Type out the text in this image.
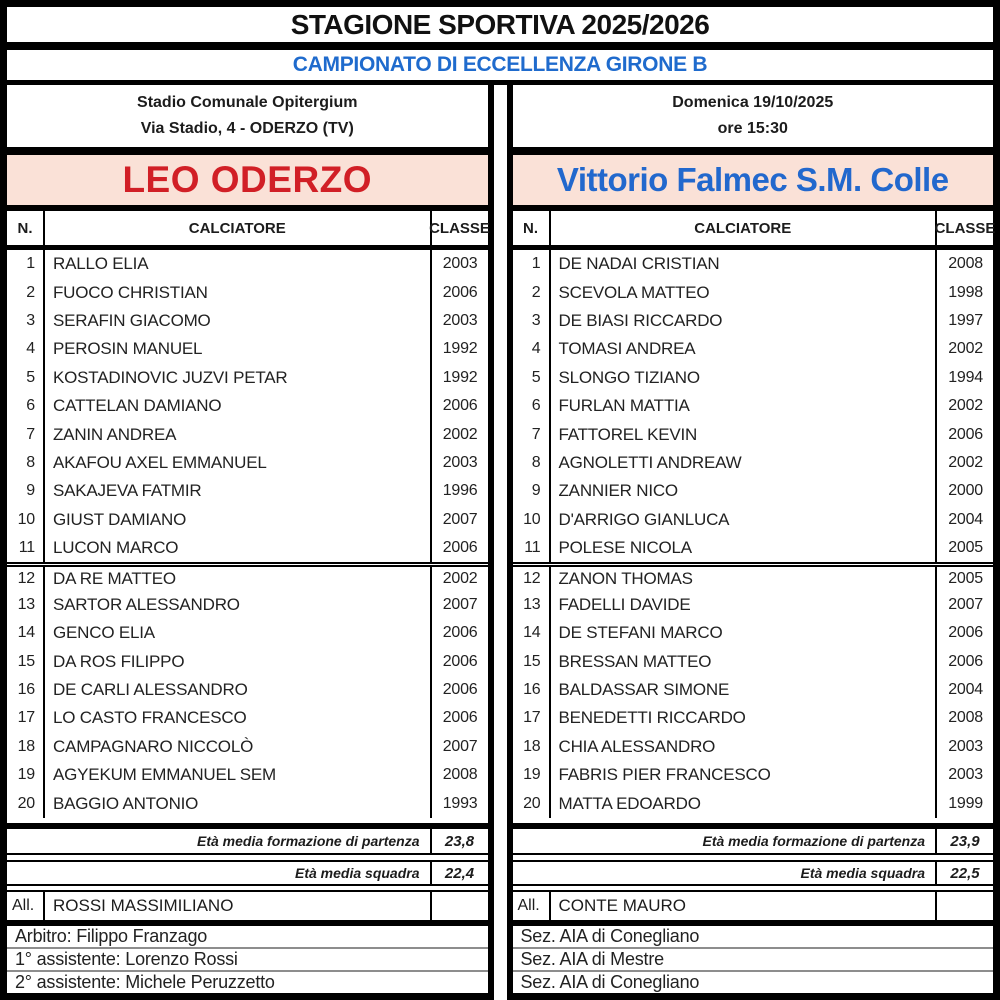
STAGIONE SPORTIVA 2025/2026
CAMPIONATO DI ECCELLENZA GIRONE B
Stadio Comunale Opitergium
Via Stadio, 4 - ODERZO (TV)
LEO ODERZO
N.	CALCIATORE	CLASSE
1	RALLO ELIA	2003
2	FUOCO CHRISTIAN	2006
3	SERAFIN GIACOMO	2003
4	PEROSIN MANUEL	1992
5	KOSTADINOVIC JUZVI PETAR	1992
6	CATTELAN DAMIANO	2006
7	ZANIN ANDREA	2002
8	AKAFOU AXEL EMMANUEL	2003
9	SAKAJEVA FATMIR	1996
10	GIUST DAMIANO	2007
11	LUCON MARCO	2006
12	DA RE MATTEO	2002
13	SARTOR ALESSANDRO	2007
14	GENCO ELIA	2006
15	DA ROS FILIPPO	2006
16	DE CARLI ALESSANDRO	2006
17	LO CASTO FRANCESCO	2006
18	CAMPAGNARO NICCOLÒ	2007
19	AGYEKUM EMMANUEL SEM	2008
20	BAGGIO ANTONIO	1993
Età media formazione di partenza	23,8
Età media squadra	22,4
All.	ROSSI MASSIMILIANO
Arbitro: Filippo Franzago
1° assistente: Lorenzo Rossi
2° assistente: Michele Peruzzetto
Domenica 19/10/2025
ore 15:30
Vittorio Falmec S.M. Colle
N.	CALCIATORE	CLASSE
1	DE NADAI CRISTIAN	2008
2	SCEVOLA MATTEO	1998
3	DE BIASI RICCARDO	1997
4	TOMASI ANDREA	2002
5	SLONGO TIZIANO	1994
6	FURLAN MATTIA	2002
7	FATTOREL KEVIN	2006
8	AGNOLETTI ANDREAW	2002
9	ZANNIER NICO	2000
10	D'ARRIGO GIANLUCA	2004
11	POLESE NICOLA	2005
12	ZANON THOMAS	2005
13	FADELLI DAVIDE	2007
14	DE STEFANI MARCO	2006
15	BRESSAN MATTEO	2006
16	BALDASSAR SIMONE	2004
17	BENEDETTI RICCARDO	2008
18	CHIA ALESSANDRO	2003
19	FABRIS PIER FRANCESCO	2003
20	MATTA EDOARDO	1999
Età media formazione di partenza	23,9
Età media squadra	22,5
All.	CONTE MAURO
Sez. AIA di Conegliano
Sez. AIA di Mestre
Sez. AIA di Conegliano
